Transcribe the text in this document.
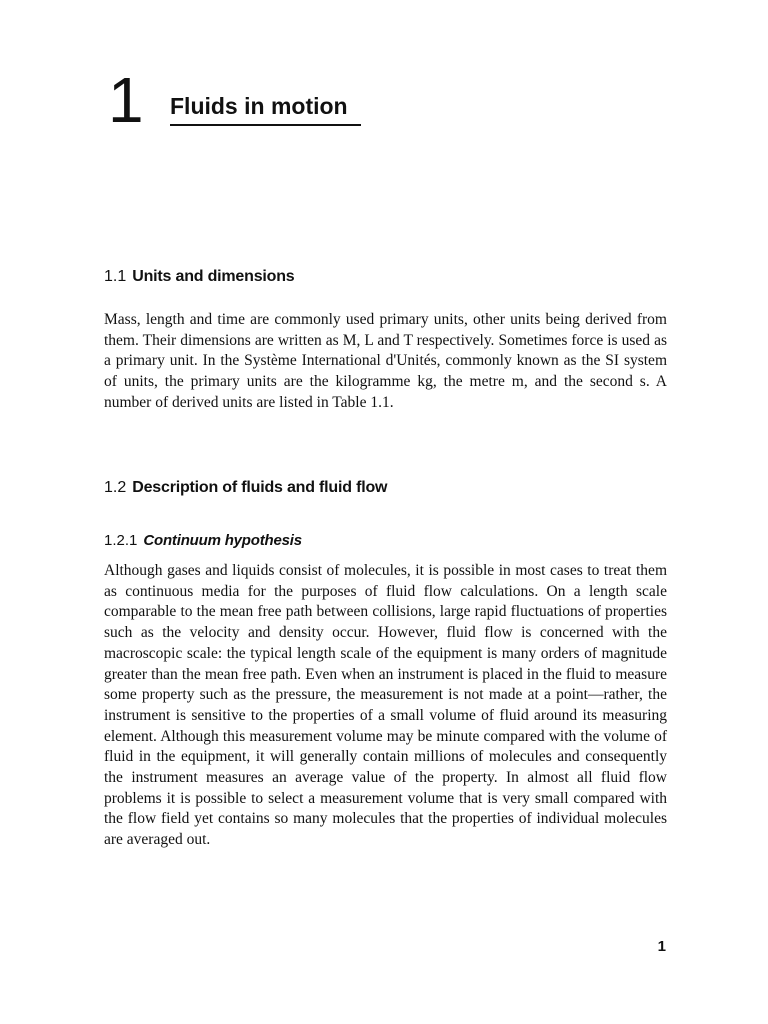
1 Fluids in motion
1.1 Units and dimensions

Mass, length and time are commonly used primary units, other units being derived from them. Their dimensions are written as M, L and T respectively. Sometimes force is used as a primary unit. In the Système International d'Unités, commonly known as the SI system of units, the primary units are the kilogramme kg, the metre m, and the second s. A number of derived units are listed in Table 1.1.

1.2 Description of fluids and fluid flow
1.2.1 Continuum hypothesis

Although gases and liquids consist of molecules, it is possible in most cases to treat them as continuous media for the purposes of fluid flow calculations. On a length scale comparable to the mean free path between collisions, large rapid fluctuations of properties such as the velocity and density occur. However, fluid flow is concerned with the macroscopic scale: the typical length scale of the equipment is many orders of magnitude greater than the mean free path. Even when an instrument is placed in the fluid to measure some property such as the pressure, the measurement is not made at a point—rather, the instrument is sensitive to the properties of a small volume of fluid around its measuring element. Although this measurement volume may be minute compared with the volume of fluid in the equipment, it will generally contain millions of molecules and consequently the instrument measures an average value of the property. In almost all fluid flow problems it is possible to select a measurement volume that is very small compared with the flow field yet contains so many molecules that the properties of individual molecules are averaged out.

1
